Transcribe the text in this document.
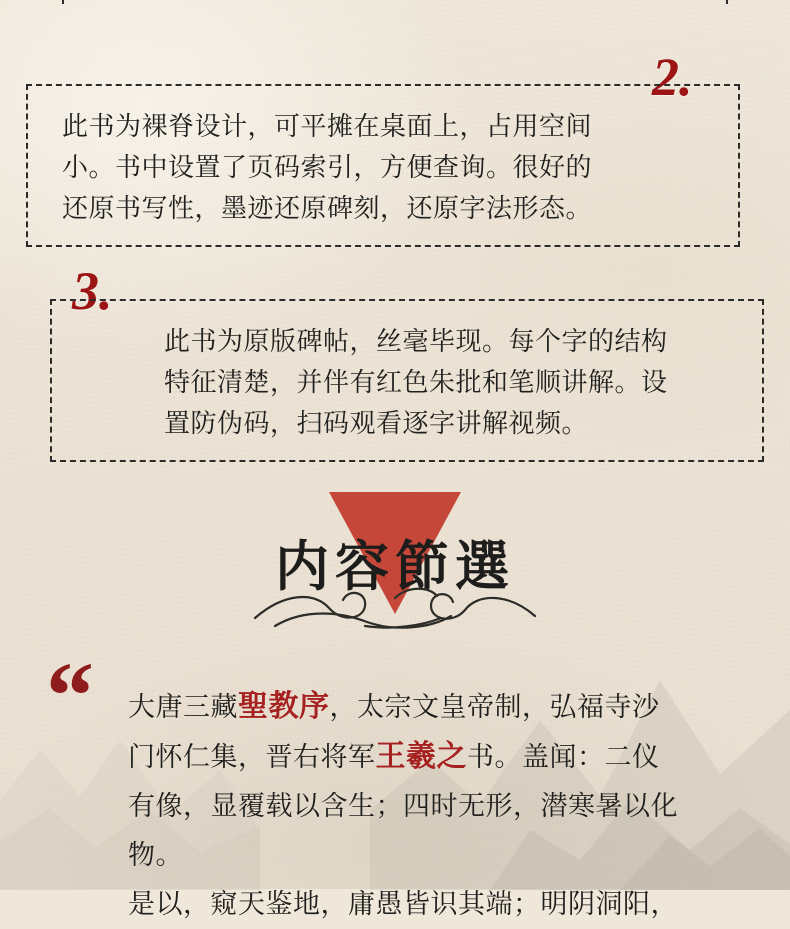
2.
此书为裸脊设计，可平摊在桌面上，占用空间
小。书中设置了页码索引，方便查询。很好的
还原书写性，墨迹还原碑刻，还原字法形态。
3.
此书为原版碑帖，丝毫毕现。每个字的结构
特征清楚，并伴有红色朱批和笔顺讲解。设
置防伪码，扫码观看逐字讲解视频。
内容節選
“ 大唐三藏聖教序，太宗文皇帝制，弘福寺沙
门怀仁集，晋右将军王羲之书。盖闻：二仪
有像，显覆载以含生；四时无形，潜寒暑以化物。
是以，窥天鉴地，庸愚皆识其端；明阴洞阳，
